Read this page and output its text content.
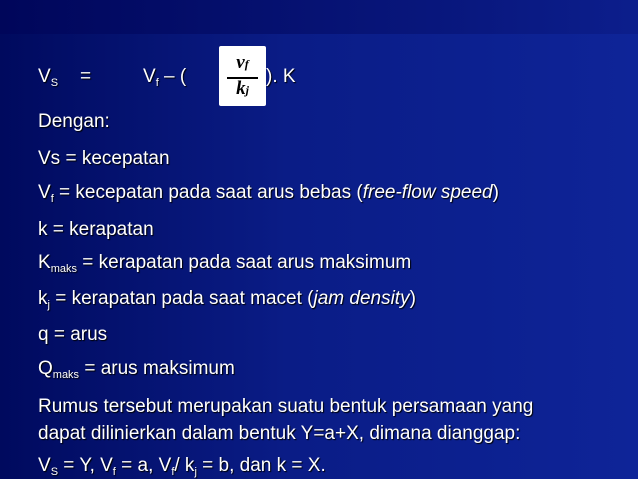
$V_S$ =	$V_f$ – (
vf
kj
). K
Dengan:
Vs = kecepatan
$V_f$ = kecepatan pada saat arus bebas (free-flow speed)
k = kerapatan
$K_{maks}$ = kerapatan pada saat arus maksimum
$k_j$ = kerapatan pada saat macet (jam density)
q = arus
$Q_{maks}$ = arus maksimum
Rumus tersebut merupakan suatu bentuk persamaan yang
dapat dilinierkan dalam bentuk Y=a+X, dimana dianggap:
$V_S = Y$, $V_f = a$, $V_f/$ $k_j = b$, dan k = X.
